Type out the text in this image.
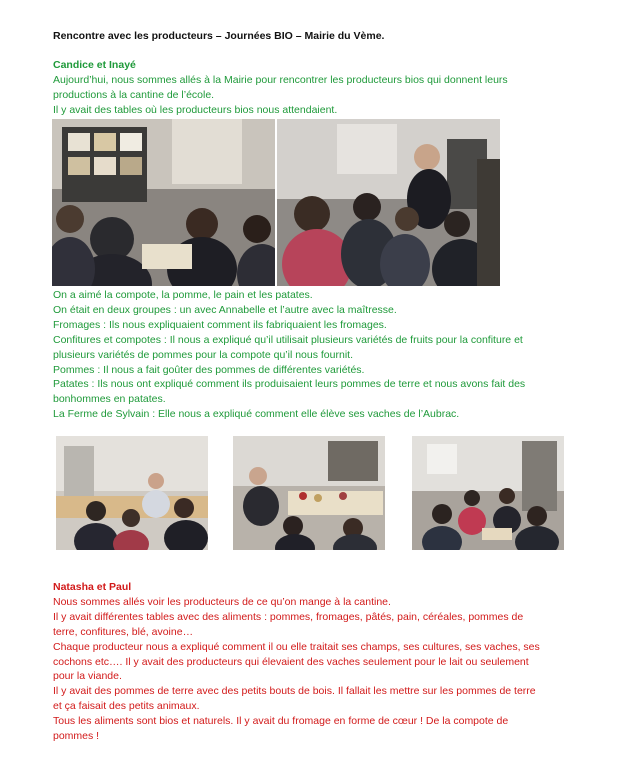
Rencontre avec les producteurs – Journées BIO – Mairie du Vème.

Candice et Inayé

Aujourd’hui, nous sommes allés à la Mairie pour rencontrer les producteurs bios qui donnent leurs

productions à la cantine de l’école.

Il y avait des tables où les producteurs bios nous attendaient.

On a aimé la compote, la pomme, le pain et les patates.

On était en deux groupes : un avec Annabelle et l’autre avec la maîtresse.

Fromages : Ils nous expliquaient comment ils fabriquaient les fromages.

Confitures et compotes : Il nous a expliqué qu’il utilisait plusieurs variétés de fruits pour la confiture et

plusieurs variétés de pommes pour la compote qu’il nous fournit.

Pommes : Il nous a fait goûter des pommes de différentes variétés.

Patates : Ils nous ont expliqué comment ils produisaient leurs pommes de terre et nous avons fait des

bonhommes en patates.

La Ferme de Sylvain : Elle nous a expliqué comment elle élève ses vaches de l’Aubrac.

Natasha et Paul

Nous sommes allés voir les producteurs de ce qu’on mange à la cantine.

Il y avait différentes tables avec des aliments : pommes, fromages, pâtés, pain, céréales, pommes de

terre, confitures, blé, avoine…

Chaque producteur nous a expliqué comment il ou elle traitait ses champs, ses cultures, ses vaches, ses

cochons etc…. Il y avait des producteurs qui élevaient des vaches seulement pour le lait ou seulement

pour la viande.

Il y avait des pommes de terre avec des petits bouts de bois. Il fallait les mettre sur les pommes de terre

et ça faisait des petits animaux.

Tous les aliments sont bios et naturels. Il y avait du fromage en forme de cœur ! De la compote de

pommes !
